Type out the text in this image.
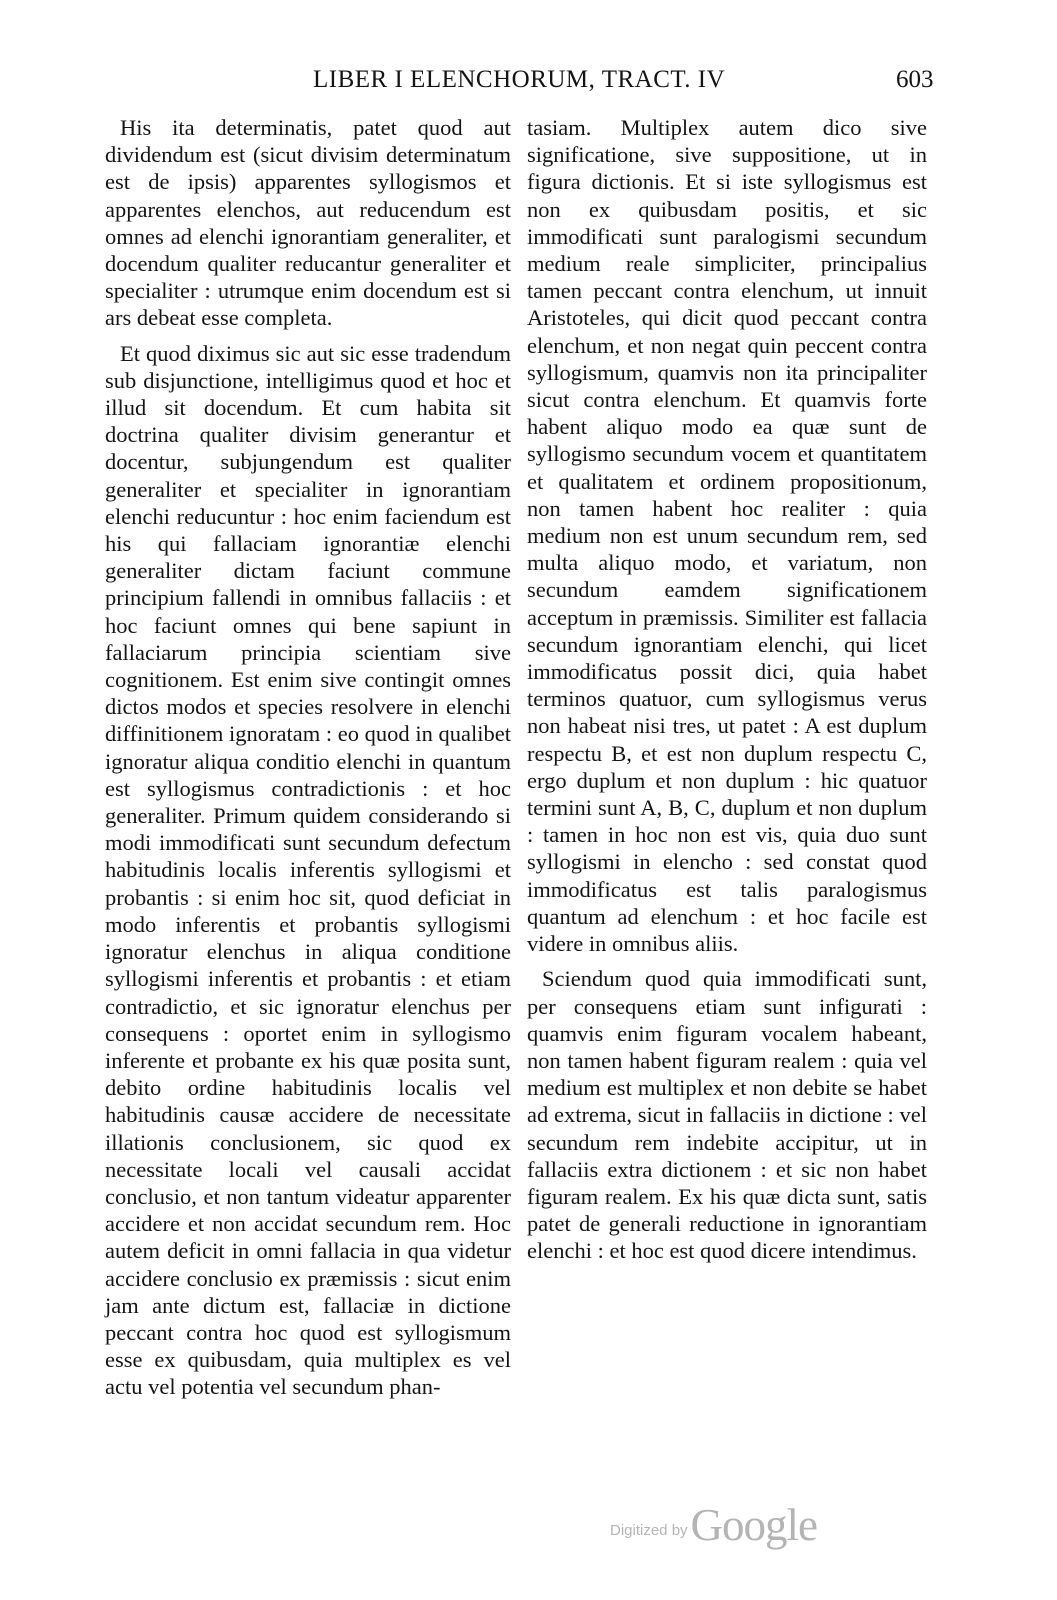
LIBER I ELENCHORUM, TRACT. IV	603

His ita determinatis, patet quod aut dividendum est (sicut divisim determinatum est de ipsis) apparentes syllogismos et apparentes elenchos, aut reducendum est omnes ad elenchi ignorantiam generaliter, et docendum qualiter reducantur generaliter et specialiter : utrumque enim docendum est si ars debeat esse completa.

Et quod diximus sic aut sic esse tradendum sub disjunctione, intelligimus quod et hoc et illud sit docendum. Et cum habita sit doctrina qualiter divisim generantur et docentur, subjungendum est qualiter generaliter et specialiter in ignorantiam elenchi reducuntur : hoc enim faciendum est his qui fallaciam ignorantiæ elenchi generaliter dictam faciunt commune principium fallendi in omnibus fallaciis : et hoc faciunt omnes qui bene sapiunt in fallaciarum principia scientiam sive cognitionem. Est enim sive contingit omnes dictos modos et species resolvere in elenchi diffinitionem ignoratam : eo quod in qualibet ignoratur aliqua conditio elenchi in quantum est syllogismus contradictionis : et hoc generaliter. Primum quidem considerando si modi immodificati sunt secundum defectum habitudinis localis inferentis syllogismi et probantis : si enim hoc sit, quod deficiat in modo inferentis et probantis syllogismi ignoratur elenchus in aliqua conditione syllogismi inferentis et probantis : et etiam contradictio, et sic ignoratur elenchus per consequens : oportet enim in syllogismo inferente et probante ex his quæ posita sunt, debito ordine habitudinis localis vel habitudinis causæ accidere de necessitate illationis conclusionem, sic quod ex necessitate locali vel causali accidat conclusio, et non tantum videatur apparenter accidere et non accidat secundum rem. Hoc autem deficit in omni fallacia in qua videtur accidere conclusio ex præmissis : sicut enim jam ante dictum est, fallaciæ in dictione peccant contra hoc quod est syllogismum esse ex quibusdam, quia multiplex es vel actu vel potentia vel secundum phan-

tasiam. Multiplex autem dico sive significatione, sive suppositione, ut in figura dictionis. Et si iste syllogismus est non ex quibusdam positis, et sic immodificati sunt paralogismi secundum medium reale simpliciter, principalius tamen peccant contra elenchum, ut innuit Aristoteles, qui dicit quod peccant contra elenchum, et non negat quin peccent contra syllogismum, quamvis non ita principaliter sicut contra elenchum. Et quamvis forte habent aliquo modo ea quæ sunt de syllogismo secundum vocem et quantitatem et qualitatem et ordinem propositionum, non tamen habent hoc realiter : quia medium non est unum secundum rem, sed multa aliquo modo, et variatum, non secundum eamdem significationem acceptum in præmissis. Similiter est fallacia secundum ignorantiam elenchi, qui licet immodificatus possit dici, quia habet terminos quatuor, cum syllogismus verus non habeat nisi tres, ut patet : A est duplum respectu B, et est non duplum respectu C, ergo duplum et non duplum : hic quatuor termini sunt A, B, C, duplum et non duplum : tamen in hoc non est vis, quia duo sunt syllogismi in elencho : sed constat quod immodificatus est talis paralogismus quantum ad elenchum : et hoc facile est videre in omnibus aliis.

Sciendum quod quia immodificati sunt, per consequens etiam sunt infigurati : quamvis enim figuram vocalem habeant, non tamen habent figuram realem : quia vel medium est multiplex et non debite se habet ad extrema, sicut in fallaciis in dictione : vel secundum rem indebite accipitur, ut in fallaciis extra dictionem : et sic non habet figuram realem. Ex his quæ dicta sunt, satis patet de generali reductione in ignorantiam elenchi : et hoc est quod dicere intendimus.

Digitized by Google
